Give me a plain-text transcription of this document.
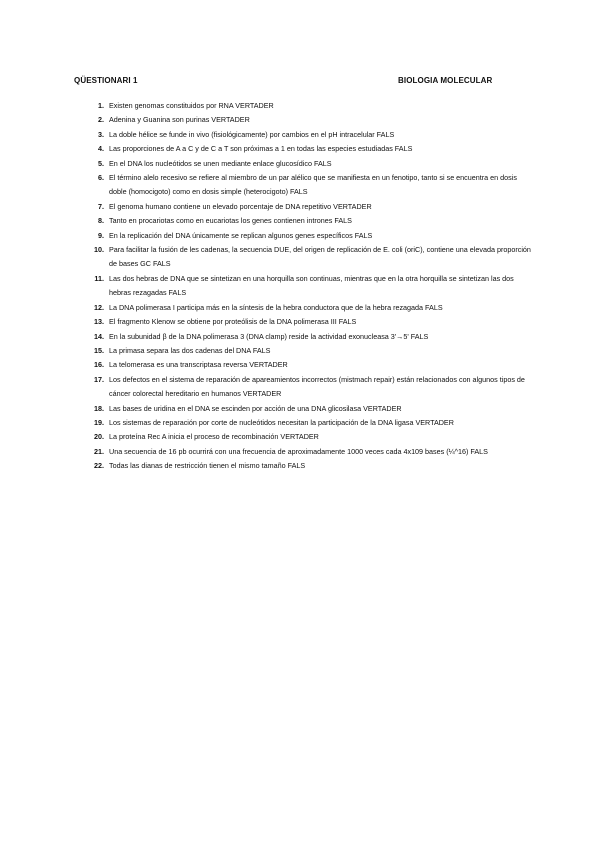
QÜESTIONARI 1	BIOLOGIA MOLECULAR
1. Existen genomas constituidos por RNA VERTADER
2. Adenina y Guanina son purinas VERTADER
3. La doble hélice se funde in vivo (fisiológicamente) por cambios en el pH intracelular FALS
4. Las proporciones de A a C y de C a T son próximas a 1 en todas las especies estudiadas FALS
5. En el DNA los nucleótidos se unen mediante enlace glucosídico FALS
6. El término alelo recesivo se refiere al miembro de un par alélico que se manifiesta en un fenotipo, tanto si se encuentra en dosis doble (homocigoto) como en dosis simple (heterocigoto) FALS
7. El genoma humano contiene un elevado porcentaje de DNA repetitivo VERTADER
8. Tanto en procariotas como en eucariotas los genes contienen intrones FALS
9. En la replicación del DNA únicamente se replican algunos genes específicos FALS
10. Para facilitar la fusión de les cadenas, la secuencia DUE, del origen de replicación de E. coli (oriC), contiene una elevada proporción de bases GC FALS
11. Las dos hebras de DNA que se sintetizan en una horquilla son continuas, mientras que en la otra horquilla se sintetizan las dos hebras rezagadas FALS
12. La DNA polimerasa I participa más en la síntesis de la hebra conductora que de la hebra rezagada FALS
13. El fragmento Klenow se obtiene por proteólisis de la DNA polimerasa III FALS
14. En la subunidad β de la DNA polimerasa 3 (DNA clamp) reside la actividad exonucleasa 3'→5' FALS
15. La primasa separa las dos cadenas del DNA FALS
16. La telomerasa es una transcriptasa reversa VERTADER
17. Los defectos en el sistema de reparación de apareamientos incorrectos (mistmach repair) están relacionados con algunos tipos de cáncer colorectal hereditario en humanos VERTADER
18. Las bases de uridina en el DNA se escinden por acción de una DNA glicosilasa VERTADER
19. Los sistemas de reparación por corte de nucleótidos necesitan la participación de la DNA ligasa VERTADER
20. La proteína Rec A inicia el proceso de recombinación VERTADER
21. Una secuencia de 16 pb ocurrirá con una frecuencia de aproximadamente 1000 veces cada 4x109 bases (¼^16) FALS
22. Todas las dianas de restricción tienen el mismo tamaño FALS
